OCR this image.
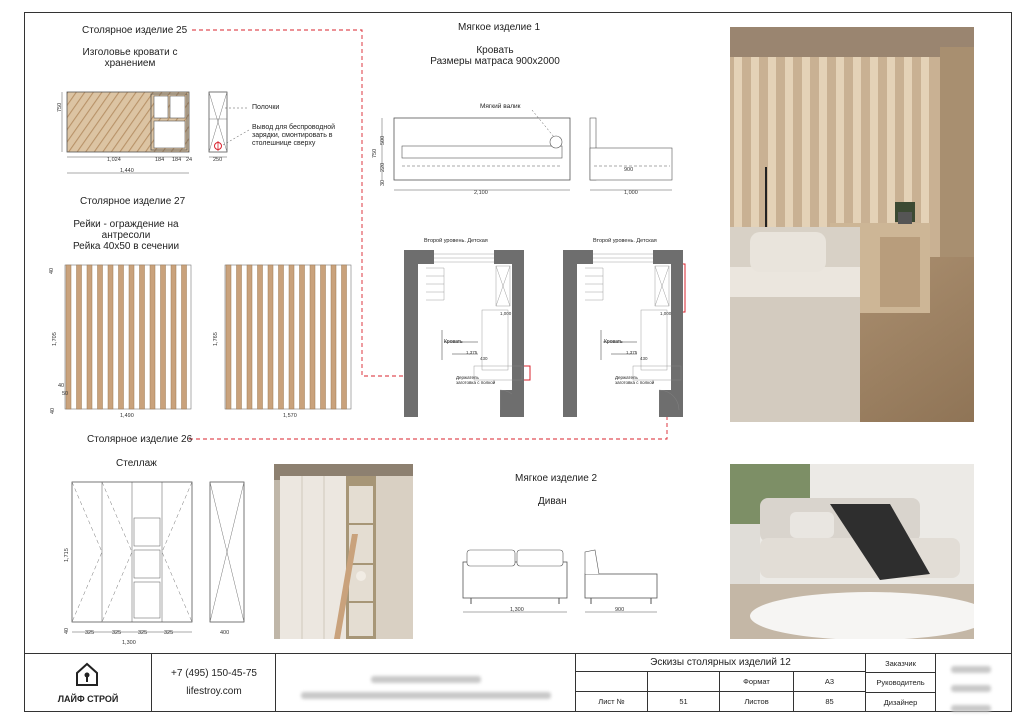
Столярное изделие 25
Изголовье кровати с
хранением
750
1,024	184 184 24
1,440
250
Полочки
Вывод для беспроводной
зарядки, смонтировать в
столешнице сверху
Столярное изделие 27
Рейки - ограждение на
антресоли
Рейка 40х50 в сечении
40
1,705
40
50
40
1,490
1,765
1,570
Мягкое изделие 1
Кровать
Размеры матраса 900х2000
Мягкий валик
750
500
220
30
2,100
900
1,000
Второй уровень. Детская	Второй уровень. Детская
Кровать	Кровать
1,000	1,000
1,375	1,375
430	430
Держатель
заготовка с полкой
Держатель
заготовка с полкой
Столярное изделие 26
Стеллаж
1,715
40	325	325	325	325
1,300
400
Мягкое изделие 2
Диван
1,300	900
ЛАЙФ СТРОЙ
+7 (495) 150-45-75
lifestroy.com
Эскизы столярных изделий 12
Формат	А3
Лист №	51	Листов	85
Заказчик
Руководитель
Дизайнер
